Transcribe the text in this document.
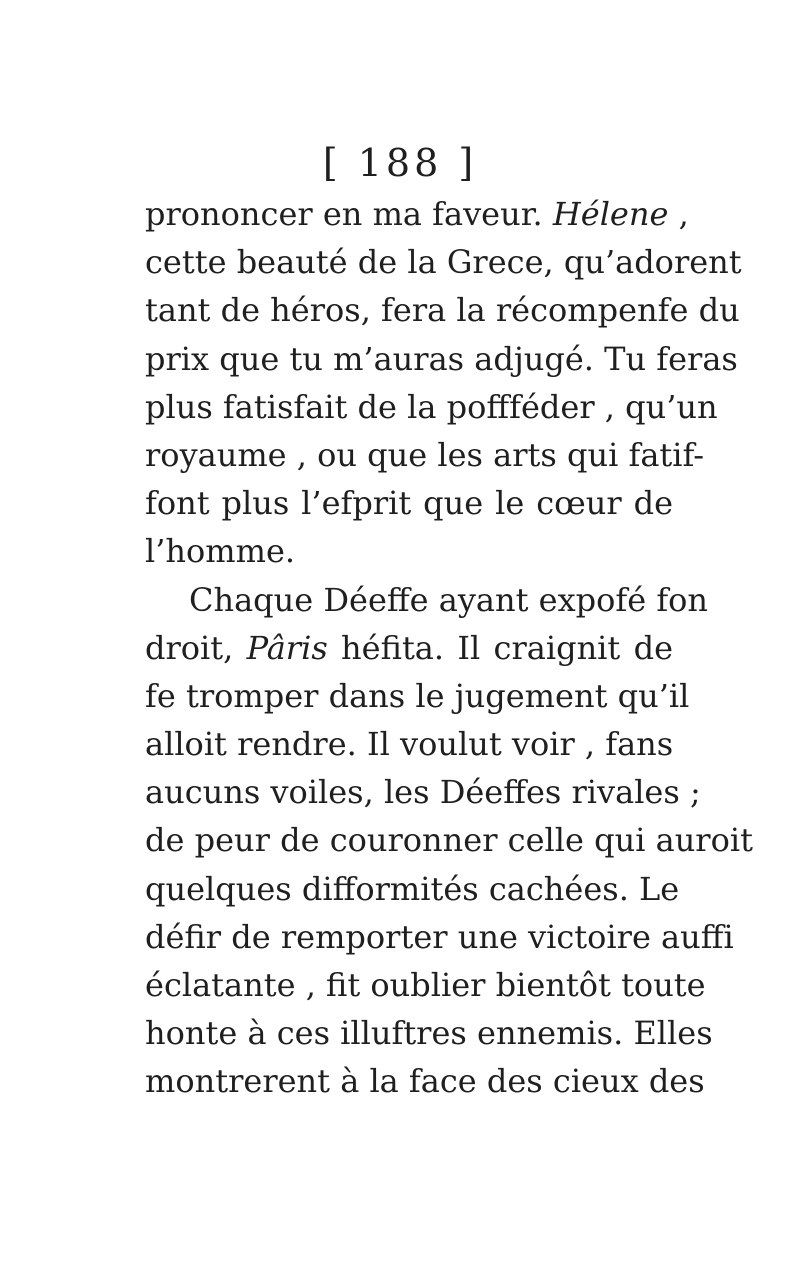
[ 188 ]
prononcer en ma faveur. Hélene ,
cette beauté de la Grece, qu’adorent
tant de héros, fera la récompenfe du
prix que tu m’auras adjugé. Tu feras
plus fatisfait de la poffféder , qu’un
royaume , ou que les arts qui fatif-
font plus l’efprit que le cœur de
l’homme.
Chaque Déeffe ayant expofé fon
droit, Pâris héfita. Il craignit de
fe tromper dans le jugement qu’il
alloit rendre. Il voulut voir , fans
aucuns voiles, les Déeffes rivales ;
de peur de couronner celle qui auroit
quelques difformités cachées. Le
défir de remporter une victoire auffi
éclatante , fit oublier bientôt toute
honte à ces illuftres ennemis. Elles
montrerent à la face des cieux des
